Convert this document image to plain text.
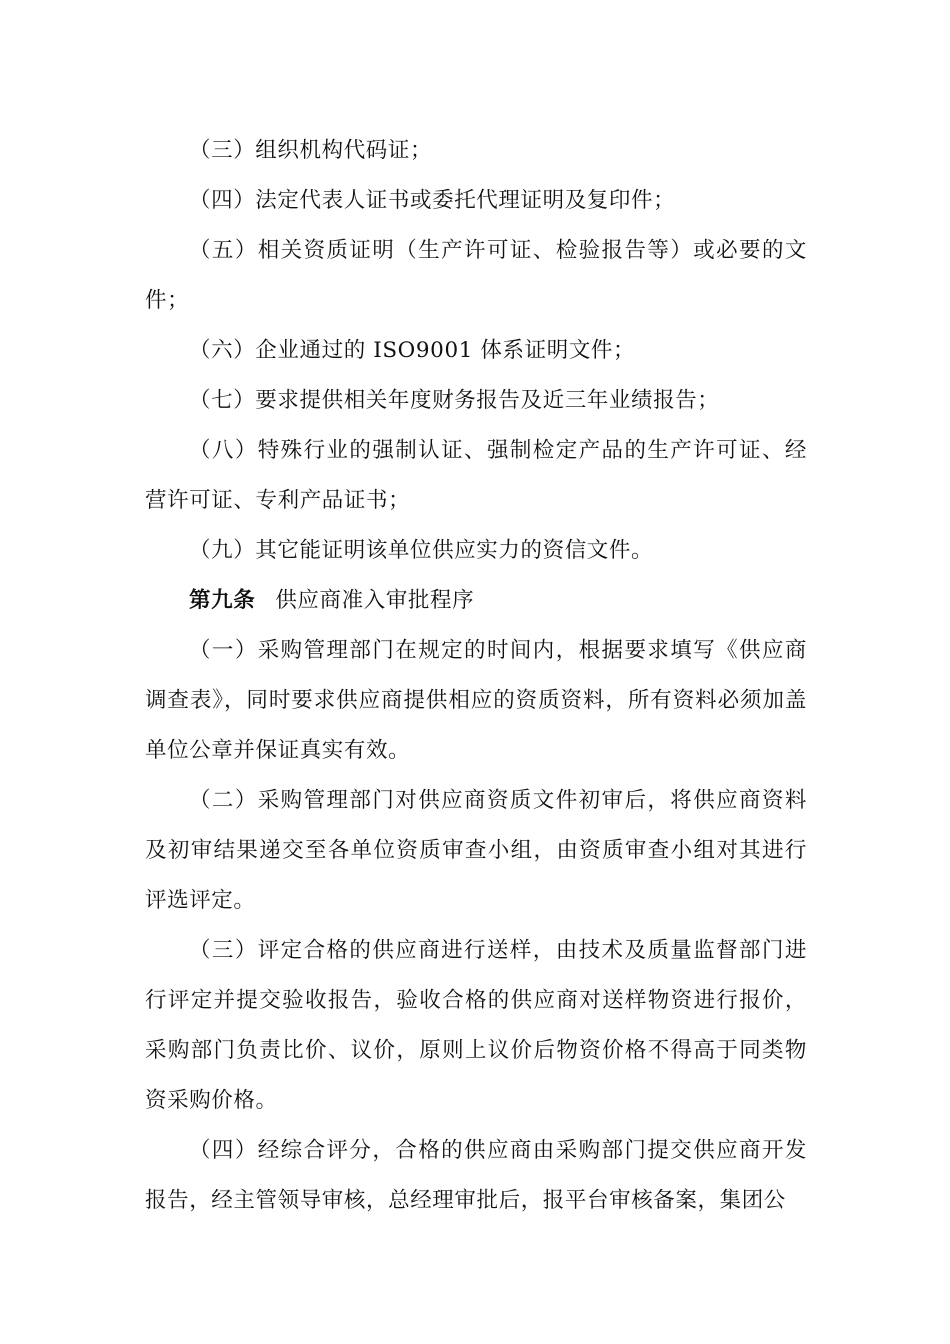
（三）组织机构代码证；

（四）法定代表人证书或委托代理证明及复印件；

（五）相关资质证明（生产许可证、检验报告等）或必要的文件；

（六）企业通过的 ISO9001 体系证明文件；

（七）要求提供相关年度财务报告及近三年业绩报告；

（八）特殊行业的强制认证、强制检定产品的生产许可证、经营许可证、专利产品证书；

（九）其它能证明该单位供应实力的资信文件。

第九条 供应商准入审批程序

（一）采购管理部门在规定的时间内，根据要求填写《供应商调查表》，同时要求供应商提供相应的资质资料，所有资料必须加盖单位公章并保证真实有效。

（二）采购管理部门对供应商资质文件初审后，将供应商资料及初审结果递交至各单位资质审查小组，由资质审查小组对其进行评选评定。

（三）评定合格的供应商进行送样，由技术及质量监督部门进行评定并提交验收报告，验收合格的供应商对送样物资进行报价，采购部门负责比价、议价，原则上议价后物资价格不得高于同类物资采购价格。

（四）经综合评分，合格的供应商由采购部门提交供应商开发报告，经主管领导审核，总经理审批后，报平台审核备案，集团公
